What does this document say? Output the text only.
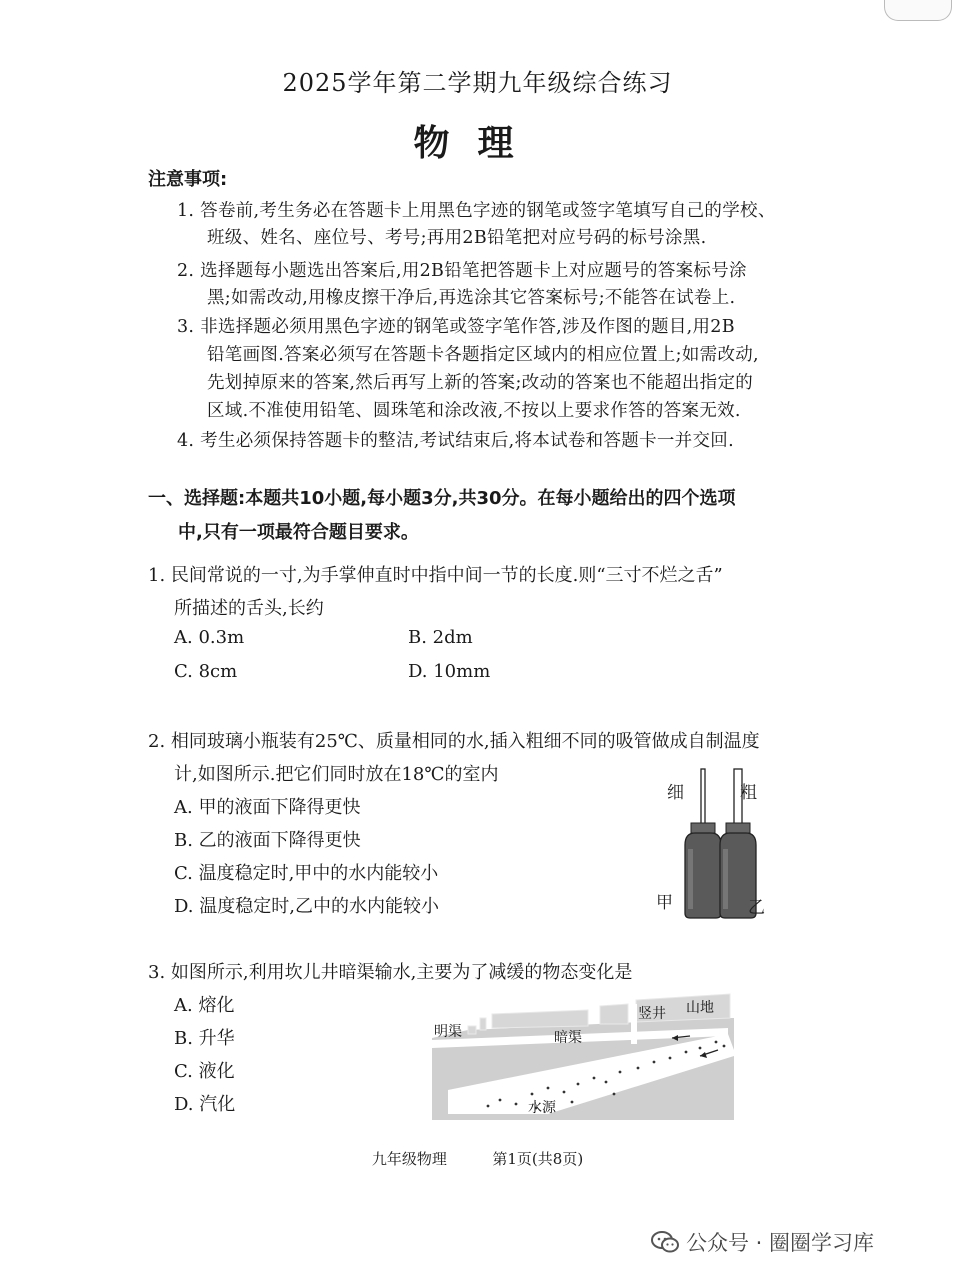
2025学年第二学期九年级综合练习
物理
注意事项:
1. 答卷前,考生务必在答题卡上用黑色字迹的钢笔或签字笔填写自己的学校、
班级、姓名、座位号、考号;再用2B铅笔把对应号码的标号涂黑.
2. 选择题每小题选出答案后,用2B铅笔把答题卡上对应题号的答案标号涂
黑;如需改动,用橡皮擦干净后,再选涂其它答案标号;不能答在试卷上.
3. 非选择题必须用黑色字迹的钢笔或签字笔作答,涉及作图的题目,用2B
铅笔画图.答案必须写在答题卡各题指定区域内的相应位置上;如需改动,
先划掉原来的答案,然后再写上新的答案;改动的答案也不能超出指定的
区域.不准使用铅笔、圆珠笔和涂改液,不按以上要求作答的答案无效.
4. 考生必须保持答题卡的整洁,考试结束后,将本试卷和答题卡一并交回.
一、选择题:本题共10小题,每小题3分,共30分。在每小题给出的四个选项
中,只有一项最符合题目要求。
1. 民间常说的一寸,为手掌伸直时中指中间一节的长度.则“三寸不烂之舌”
所描述的舌头,长约
A. 0.3m	B. 2dm
C. 8cm	D. 10mm
2. 相同玻璃小瓶装有25℃、质量相同的水,插入粗细不同的吸管做成自制温度
计,如图所示.把它们同时放在18℃的室内
A. 甲的液面下降得更快
B. 乙的液面下降得更快
C. 温度稳定时,甲中的水内能较小
D. 温度稳定时,乙中的水内能较小
细	粗
甲	乙
3. 如图所示,利用坎儿井暗渠输水,主要为了减缓的物态变化是
A. 熔化
B. 升华
C. 液化
D. 汽化
明渠	暗渠
竖井 山地
水源
九年级物理	第1页(共8页)
公众号 · 圈圈学习库
